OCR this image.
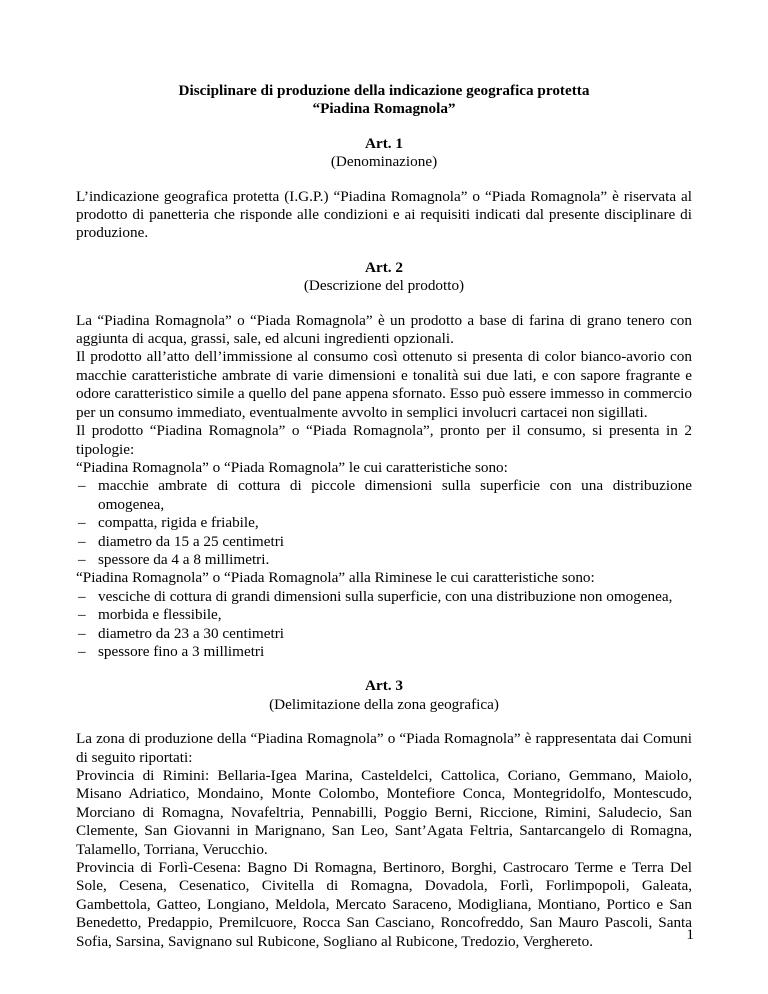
Disciplinare di produzione della indicazione geografica protetta
“Piadina Romagnola”
Art. 1
(Denominazione)

L’indicazione geografica protetta (I.G.P.) “Piadina Romagnola” o “Piada Romagnola” è riservata al prodotto di panetteria che risponde alle condizioni e ai requisiti indicati dal presente disciplinare di produzione.

Art. 2
(Descrizione del prodotto)

La “Piadina Romagnola” o “Piada Romagnola” è un prodotto a base di farina di grano tenero con aggiunta di acqua, grassi, sale, ed alcuni ingredienti opzionali.

Il prodotto all’atto dell’immissione al consumo così ottenuto si presenta di color bianco-avorio con macchie caratteristiche ambrate di varie dimensioni e tonalità sui due lati, e con sapore fragrante e odore caratteristico simile a quello del pane appena sfornato. Esso può essere immesso in commercio per un consumo immediato, eventualmente avvolto in semplici involucri cartacei non sigillati.

Il prodotto “Piadina Romagnola” o “Piada Romagnola”, pronto per il consumo, si presenta in 2 tipologie:

“Piadina Romagnola” o “Piada Romagnola” le cui caratteristiche sono:

– macchie ambrate di cottura di piccole dimensioni sulla superficie con una distribuzione omogenea,
– compatta, rigida e friabile,
– diametro da 15 a 25 centimetri
– spessore da 4 a 8 millimetri.

“Piadina Romagnola” o “Piada Romagnola” alla Riminese le cui caratteristiche sono:

– vesciche di cottura di grandi dimensioni sulla superficie, con una distribuzione non omogenea,
– morbida e flessibile,
– diametro da 23 a 30 centimetri
– spessore fino a 3 millimetri
Art. 3
(Delimitazione della zona geografica)

La zona di produzione della “Piadina Romagnola” o “Piada Romagnola” è rappresentata dai Comuni di seguito riportati:

Provincia di Rimini: Bellaria-Igea Marina, Casteldelci, Cattolica, Coriano, Gemmano, Maiolo, Misano Adriatico, Mondaino, Monte Colombo, Montefiore Conca, Montegridolfo, Montescudo, Morciano di Romagna, Novafeltria, Pennabilli, Poggio Berni, Riccione, Rimini, Saludecio, San Clemente, San Giovanni in Marignano, San Leo, Sant’Agata Feltria, Santarcangelo di Romagna, Talamello, Torriana, Verucchio.

Provincia di Forlì-Cesena: Bagno Di Romagna, Bertinoro, Borghi, Castrocaro Terme e Terra Del Sole, Cesena, Cesenatico, Civitella di Romagna, Dovadola, Forlì, Forlimpopoli, Galeata, Gambettola, Gatteo, Longiano, Meldola, Mercato Saraceno, Modigliana, Montiano, Portico e San Benedetto, Predappio, Premilcuore, Rocca San Casciano, Roncofreddo, San Mauro Pascoli, Santa Sofia, Sarsina, Savignano sul Rubicone, Sogliano al Rubicone, Tredozio, Verghereto.	1
